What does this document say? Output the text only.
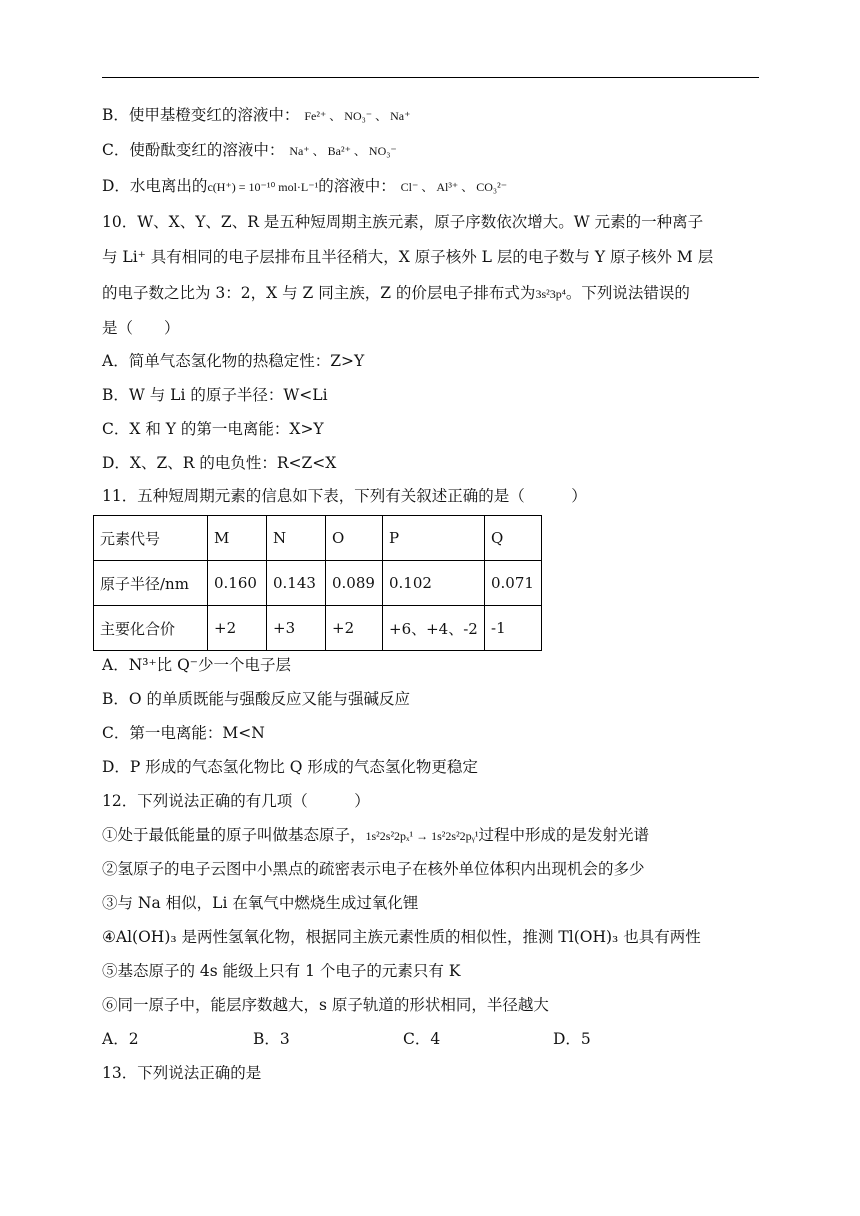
B．使甲基橙变红的溶液中： Fe²⁺ 、 NO₃⁻ 、 Na⁺
C．使酚酞变红的溶液中： Na⁺ 、 Ba²⁺ 、 NO₃⁻
D．水电离出的c(H⁺) = 10⁻¹⁰ mol·L⁻¹的溶液中： Cl⁻ 、 Al³⁺ 、 CO₃²⁻
10．W、X、Y、Z、R 是五种短周期主族元素，原子序数依次增大。W 元素的一种离子
与 Li⁺ 具有相同的电子层排布且半径稍大，X 原子核外 L 层的电子数与 Y 原子核外 M 层
的电子数之比为 3：2，X 与 Z 同主族，Z 的价层电子排布式为3s²3p⁴。下列说法错误的
是（　　）
A．简单气态氢化物的热稳定性：Z>Y
B．W 与 Li 的原子半径：W<Li
C．X 和 Y 的第一电离能：X>Y
D．X、Z、R 的电负性：R<Z<X
11．五种短周期元素的信息如下表，下列有关叙述正确的是（　　　）
元素代号	M	N	O	P	Q
原子半径/nm	0.160	0.143	0.089	0.102	0.071
主要化合价	+2	+3	+2	+6、+4、-2	-1
A．N³⁺比 Q⁻少一个电子层
B．O 的单质既能与强酸反应又能与强碱反应
C．第一电离能：M<N
D．P 形成的气态氢化物比 Q 形成的气态氢化物更稳定
12．下列说法正确的有几项（　　　）
①处于最低能量的原子叫做基态原子，1s²2s²2pₓ¹ → 1s²2s²2pᵧ¹过程中形成的是发射光谱
②氢原子的电子云图中小黑点的疏密表示电子在核外单位体积内出现机会的多少
③与 Na 相似，Li 在氧气中燃烧生成过氧化锂
④Al(OH)₃ 是两性氢氧化物，根据同主族元素性质的相似性，推测 Tl(OH)₃ 也具有两性
⑤基态原子的 4s 能级上只有 1 个电子的元素只有 K
⑥同一原子中，能层序数越大，s 原子轨道的形状相同，半径越大
A．2	B．3	C．4	D．5
13．下列说法正确的是
